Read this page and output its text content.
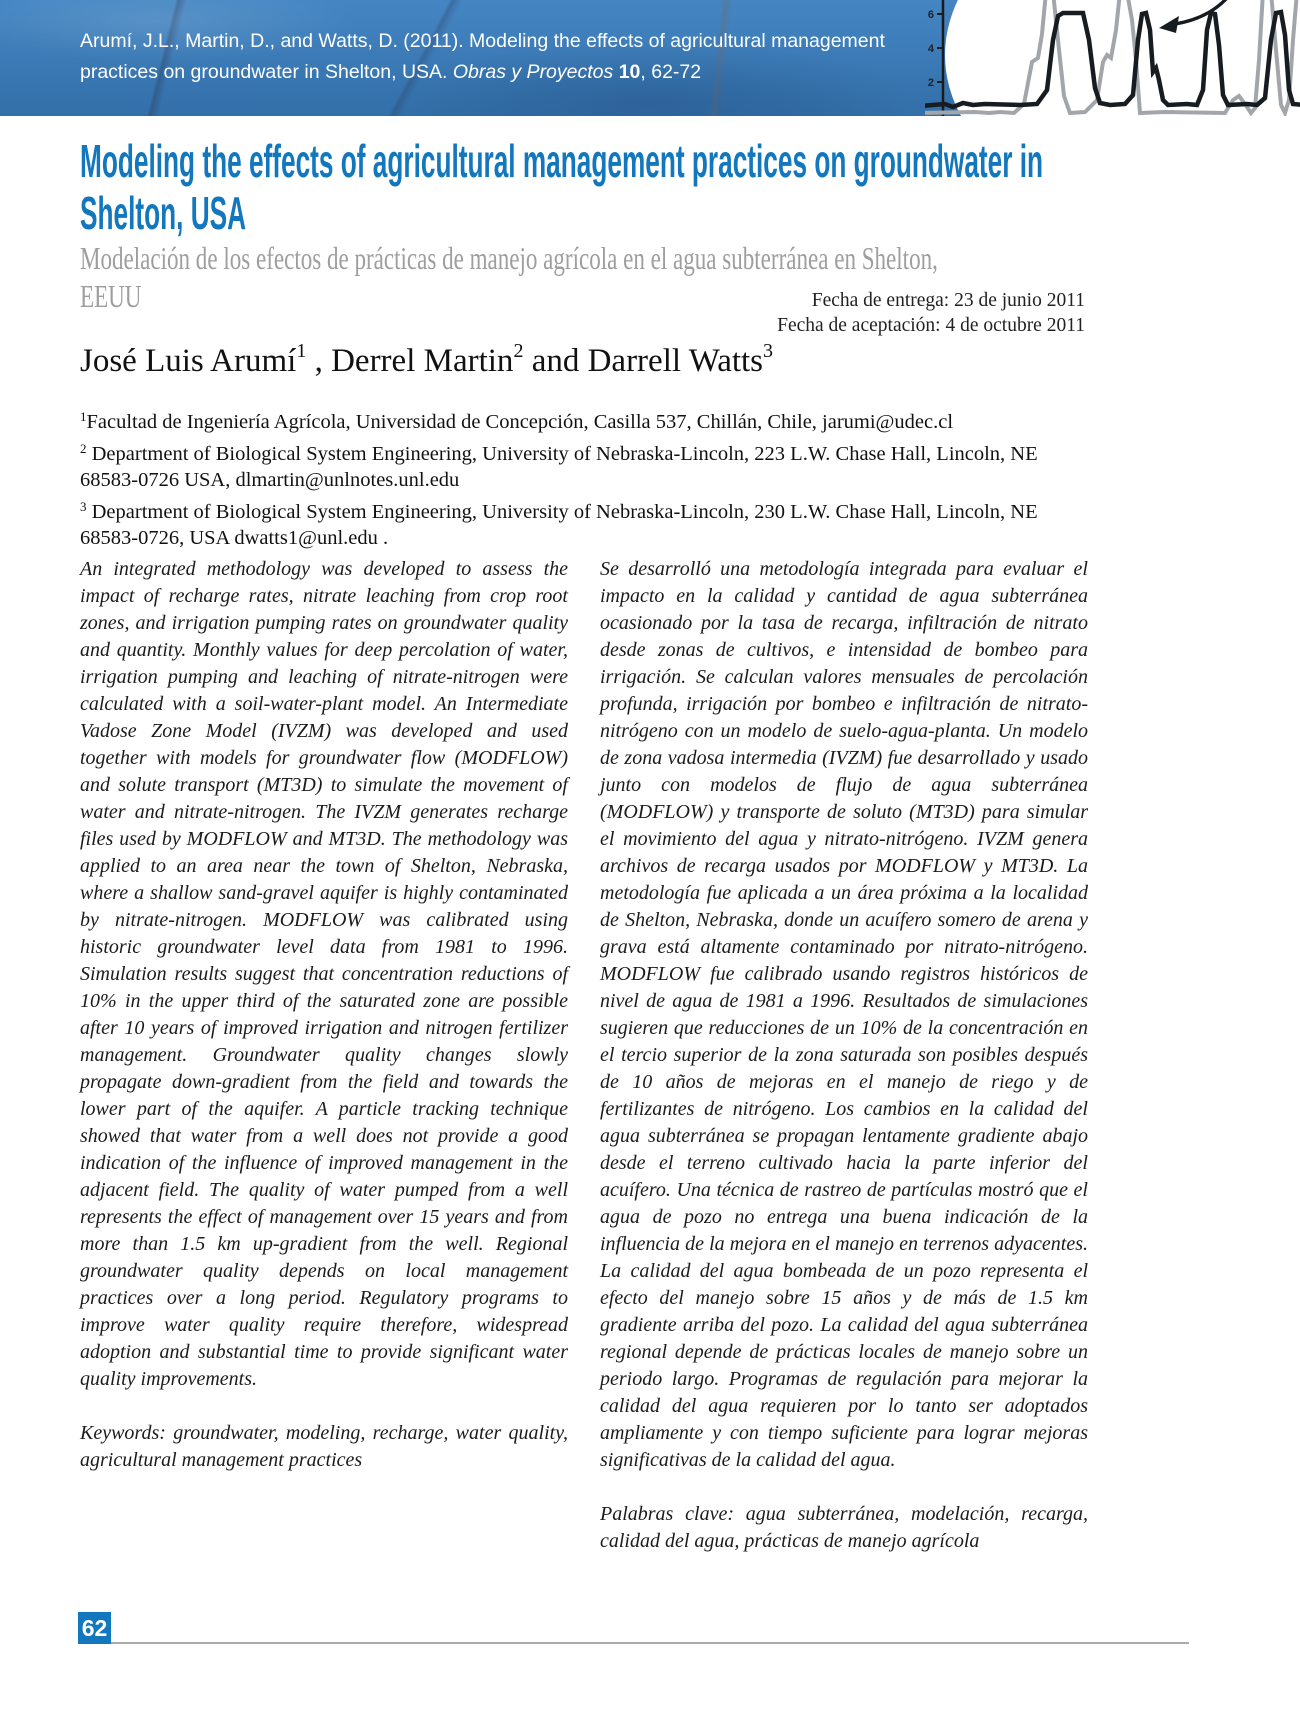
Arumí, J.L., Martin, D., and Watts, D. (2011). Modeling the effects of agricultural management
practices on groundwater in Shelton, USA. Obras y Proyectos 10, 62-72
6
4
2
Modeling the effects of agricultural management practices on groundwater in
Shelton, USA
Modelación de los efectos de prácticas de manejo agrícola en el agua subterránea en Shelton,
EEUU	Fecha de entrega: 23 de junio 2011
Fecha de aceptación: 4 de octubre 2011
José Luis Arumí$^1$ , Derrel Martin$^2$ and Darrell Watts$^3$

$^1$Facultad de Ingeniería Agrícola, Universidad de Concepción, Casilla 537, Chillán, Chile, jarumi@udec.cl

$^2$ Department of Biological System Engineering, University of Nebraska-Lincoln, 223 L.W. Chase Hall, Lincoln, NE 68583-0726 USA, dlmartin@unlnotes.unl.edu

$^3$ Department of Biological System Engineering, University of Nebraska-Lincoln, 230 L.W. Chase Hall, Lincoln, NE 68583-0726, USA dwatts1@unl.edu .

An integrated methodology was developed to assess the impact of recharge rates, nitrate leaching from crop root zones, and irrigation pumping rates on groundwater quality and quantity. Monthly values for deep percolation of water, irrigation pumping and leaching of nitrate-nitrogen were calculated with a soil-water-plant model. An Intermediate Vadose Zone Model (IVZM) was developed and used together with models for groundwater flow (MODFLOW) and solute transport (MT3D) to simulate the movement of water and nitrate-nitrogen. The IVZM generates recharge files used by MODFLOW and MT3D. The methodology was applied to an area near the town of Shelton, Nebraska, where a shallow sand-gravel aquifer is highly contaminated by nitrate-nitrogen. MODFLOW was calibrated using historic groundwater level data from 1981 to 1996. Simulation results suggest that concentration reductions of 10% in the upper third of the saturated zone are possible after 10 years of improved irrigation and nitrogen fertilizer management. Groundwater quality changes slowly propagate down-gradient from the field and towards the lower part of the aquifer. A particle tracking technique showed that water from a well does not provide a good indication of the influence of improved management in the adjacent field. The quality of water pumped from a well represents the effect of management over 15 years and from more than 1.5 km up-gradient from the well. Regional groundwater quality depends on local management practices over a long period. Regulatory programs to improve water quality require therefore, widespread adoption and substantial time to provide significant water quality improvements.

Keywords: groundwater, modeling, recharge, water quality, agricultural management practices

Se desarrolló una metodología integrada para evaluar el impacto en la calidad y cantidad de agua subterránea ocasionado por la tasa de recarga, infiltración de nitrato desde zonas de cultivos, e intensidad de bombeo para irrigación. Se calculan valores mensuales de percolación profunda, irrigación por bombeo e infiltración de nitrato-nitrógeno con un modelo de suelo-agua-planta. Un modelo de zona vadosa intermedia (IVZM) fue desarrollado y usado junto con modelos de flujo de agua subterránea (MODFLOW) y transporte de soluto (MT3D) para simular el movimiento del agua y nitrato-nitrógeno. IVZM genera archivos de recarga usados por MODFLOW y MT3D. La metodología fue aplicada a un área próxima a la localidad de Shelton, Nebraska, donde un acuífero somero de arena y grava está altamente contaminado por nitrato-nitrógeno. MODFLOW fue calibrado usando registros históricos de nivel de agua de 1981 a 1996. Resultados de simulaciones sugieren que reducciones de un 10% de la concentración en el tercio superior de la zona saturada son posibles después de 10 años de mejoras en el manejo de riego y de fertilizantes de nitrógeno. Los cambios en la calidad del agua subterránea se propagan lentamente gradiente abajo desde el terreno cultivado hacia la parte inferior del acuífero. Una técnica de rastreo de partículas mostró que el agua de pozo no entrega una buena indicación de la influencia de la mejora en el manejo en terrenos adyacentes. La calidad del agua bombeada de un pozo representa el efecto del manejo sobre 15 años y de más de 1.5 km gradiente arriba del pozo. La calidad del agua subterránea regional depende de prácticas locales de manejo sobre un periodo largo. Programas de regulación para mejorar la calidad del agua requieren por lo tanto ser adoptados ampliamente y con tiempo suficiente para lograr mejoras significativas de la calidad del agua.

Palabras clave: agua subterránea, modelación, recarga, calidad del agua, prácticas de manejo agrícola

62
